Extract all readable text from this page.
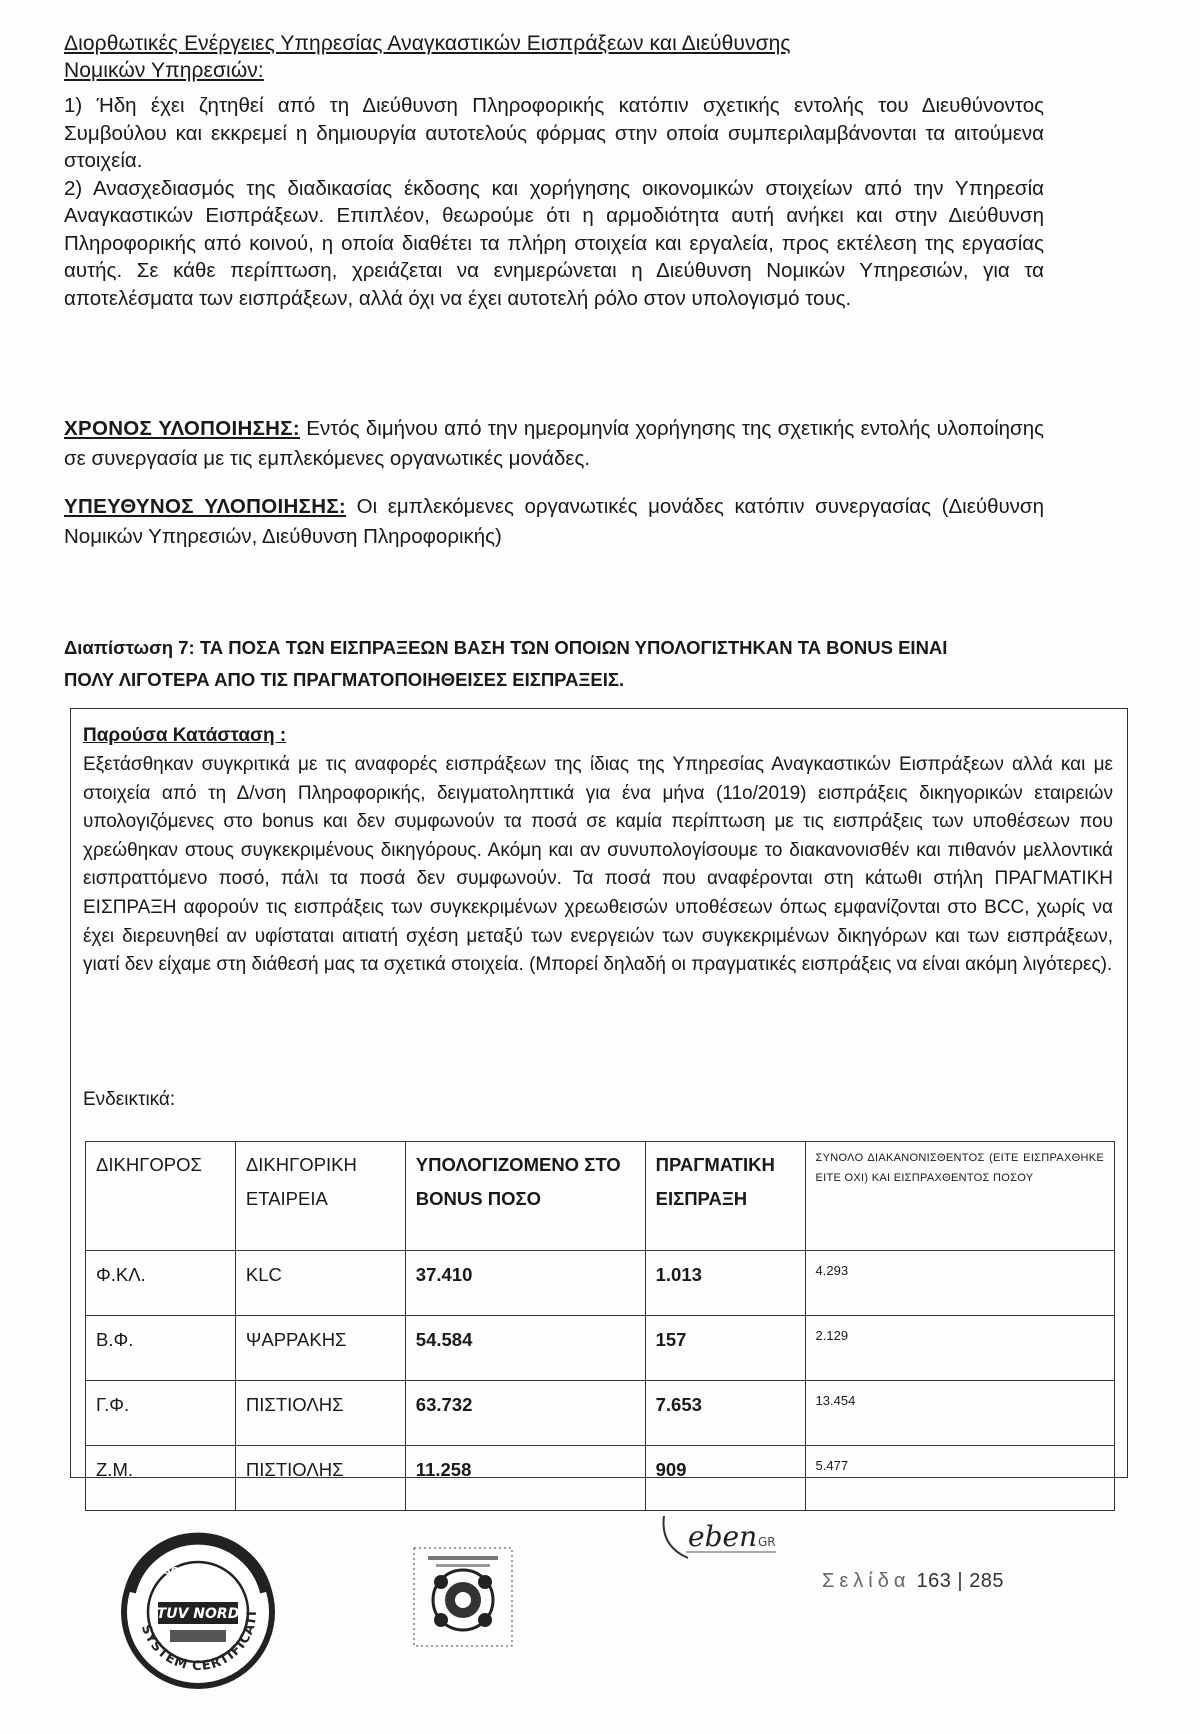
Διορθωτικές Ενέργειες Υπηρεσίας Αναγκαστικών Εισπράξεων και Διεύθυνσης
Νομικών Υπηρεσιών:

1) Ήδη έχει ζητηθεί από τη Διεύθυνση Πληροφορικής κατόπιν σχετικής εντολής του Διευθύνοντος Συμβούλου και εκκρεμεί η δημιουργία αυτοτελούς φόρμας στην οποία συμπεριλαμβάνονται τα αιτούμενα στοιχεία.

2) Ανασχεδιασμός της διαδικασίας έκδοσης και χορήγησης οικονομικών στοιχείων από την Υπηρεσία Αναγκαστικών Εισπράξεων. Επιπλέον, θεωρούμε ότι η αρμοδιότητα αυτή ανήκει και στην Διεύθυνση Πληροφορικής από κοινού, η οποία διαθέτει τα πλήρη στοιχεία και εργαλεία, προς εκτέλεση της εργασίας αυτής. Σε κάθε περίπτωση, χρειάζεται να ενημερώνεται η Διεύθυνση Νομικών Υπηρεσιών, για τα αποτελέσματα των εισπράξεων, αλλά όχι να έχει αυτοτελή ρόλο στον υπολογισμό τους.

ΧΡΟΝΟΣ ΥΛΟΠΟΙΗΣΗΣ: Εντός διμήνου από την ημερομηνία χορήγησης της σχετικής εντολής υλοποίησης σε συνεργασία με τις εμπλεκόμενες οργανωτικές μονάδες.
ΥΠΕΥΘΥΝΟΣ ΥΛΟΠΟΙΗΣΗΣ: Οι εμπλεκόμενες οργανωτικές μονάδες κατόπιν συνεργασίας (Διεύθυνση Νομικών Υπηρεσιών, Διεύθυνση Πληροφορικής)
Διαπίστωση 7: ΤΑ ΠΟΣΑ ΤΩΝ ΕΙΣΠΡΑΞΕΩΝ ΒΑΣΗ ΤΩΝ ΟΠΟΙΩΝ ΥΠΟΛΟΓΙΣΤΗΚΑΝ ΤΑ BONUS ΕΙΝΑΙ
ΠΟΛΥ ΛΙΓΟΤΕΡΑ ΑΠΟ ΤΙΣ ΠΡΑΓΜΑΤΟΠΟΙΗΘΕΙΣΕΣ ΕΙΣΠΡΑΞΕΙΣ.
Παρούσα Κατάσταση :
Εξετάσθηκαν συγκριτικά με τις αναφορές εισπράξεων της ίδιας της Υπηρεσίας Αναγκαστικών Εισπράξεων αλλά και με στοιχεία από τη Δ/νση Πληροφορικής, δειγματοληπτικά για ένα μήνα (11ο/2019) εισπράξεις δικηγορικών εταιρειών υπολογιζόμενες στο bonus και δεν συμφωνούν τα ποσά σε καμία περίπτωση με τις εισπράξεις των υποθέσεων που χρεώθηκαν στους συγκεκριμένους δικηγόρους. Ακόμη και αν συνυπολογίσουμε το διακανονισθέν και πιθανόν μελλοντικά εισπραττόμενο ποσό, πάλι τα ποσά δεν συμφωνούν. Τα ποσά που αναφέρονται στη κάτωθι στήλη ΠΡΑΓΜΑΤΙΚΗ ΕΙΣΠΡΑΞΗ αφορούν τις εισπράξεις των συγκεκριμένων χρεωθεισών υποθέσεων όπως εμφανίζονται στο BCC, χωρίς να έχει διερευνηθεί αν υφίσταται αιτιατή σχέση μεταξύ των ενεργειών των συγκεκριμένων δικηγόρων και των εισπράξεων, γιατί δεν είχαμε στη διάθεσή μας τα σχετικά στοιχεία. (Μπορεί δηλαδή οι πραγματικές εισπράξεις να είναι ακόμη λιγότερες).
Ενδεικτικά:
ΔΙΚΗΓΟΡΟΣ	ΔΙΚΗΓΟΡΙΚΗ ΕΤΑΙΡΕΙΑ	ΥΠΟΛΟΓΙΖΟΜΕΝΟ ΣΤΟ BONUS ΠΟΣΟ	ΠΡΑΓΜΑΤΙΚΗ ΕΙΣΠΡΑΞΗ	ΣΥΝΟΛΟ ΔΙΑΚΑΝΟΝΙΣΘΕΝΤΟΣ (ΕΙΤΕ ΕΙΣΠΡΑΧΘΗΚΕ ΕΙΤΕ ΟΧΙ) ΚΑΙ ΕΙΣΠΡΑΧΘΕΝΤΟΣ ΠΟΣΟΥ
Φ.ΚΛ.	KLC	37.410	1.013	4.293
Β.Φ.	ΨΑΡΡΑΚΗΣ	54.584	157	2.129
Γ.Φ.	ΠΙΣΤΙΟΛΗΣ	63.732	7.653	13.454
Ζ.Μ.	ΠΙΣΤΙΟΛΗΣ	11.258	909	5.477
SYSTEM CERTIFICATI
ISO 9001
TUV NORD
eben GR
Σελίδα 163 | 285
